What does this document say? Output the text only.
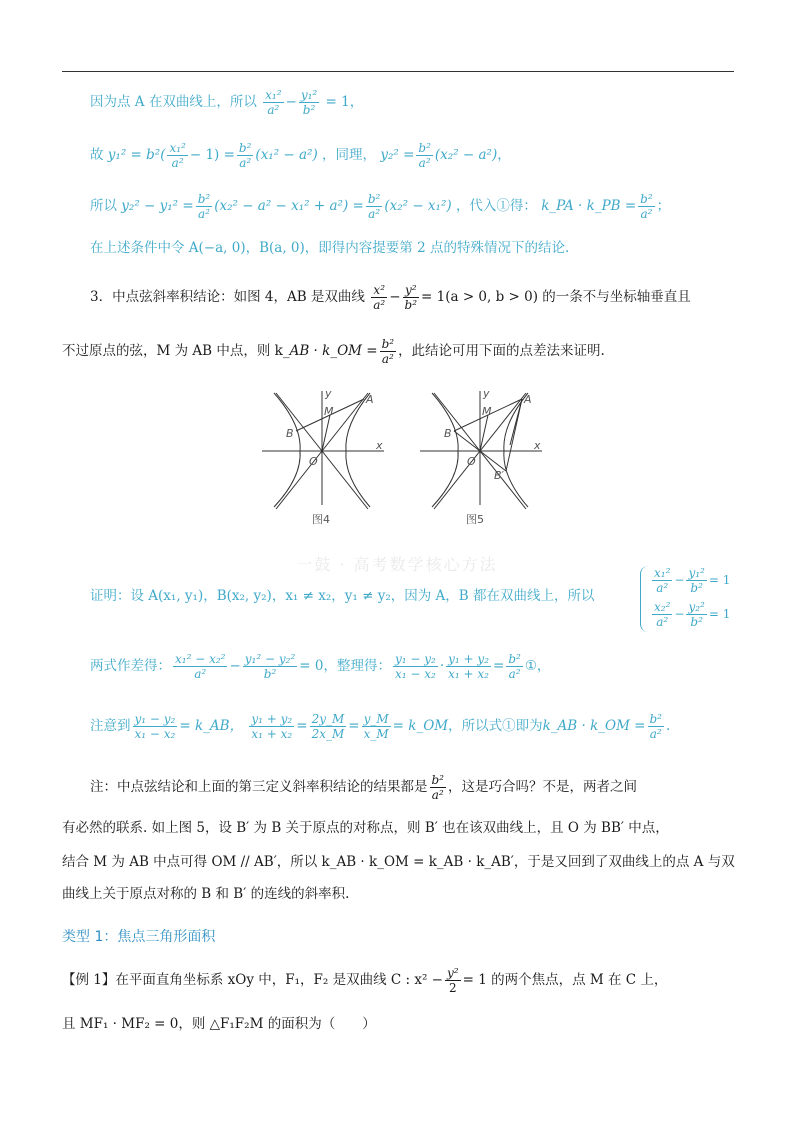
一鼓 · 高考数学核心方法
因为点 A 在双曲线上，所以 $\frac{\text{x₁²}}{\text{a²}} - \frac{\text{y₁²}}{\text{b²}} = 1$，
故 $y_1^2 = b^2( \frac{\text{x₁²}}{\text{a²}} - 1) = \frac{\text{b²}}{\text{a²}} (x_1^2 - a^2)$ ，同理， $y_2^2 = \frac{\text{b²}}{\text{a²}} (x_2^2 - a^2)$，
所以 $y_2^2 - y_1^2 = \frac{\text{b²}}{\text{a²}} (x_2^2 - a^2 - x_1^2 + a^2) = \frac{\text{b²}}{\text{a²}} (x_2^2 - x_1^2)$ ，代入①得： k_PA · k_PB = $\frac{\text{b²}}{\text{a²}}$ ；
在上述条件中令 A(−a, 0)，B(a, 0)，即得内容提要第 2 点的特殊情况下的结论.
3．中点弦斜率积结论：如图 4，AB 是双曲线 $\frac{\text{x²}}{\text{a²}} - \frac{\text{y²}}{\text{b²}} = 1(a > 0$, b > 0) 的一条不与坐标轴垂直且
不过原点的弦，M 为 AB 中点，则 k_AB · k_OM = $\frac{\text{b²}}{\text{a²}}$ ，此结论可用下面的点差法来证明.
y
x
O
A
B
M
图4
y
x
O
A
B
M
B′
图5
证明：设 A(x₁, y₁)，B(x₂, y₂)，x₁ ≠ x₂，y₁ ≠ y₂，因为 A，B 都在双曲线上，所以
$\frac{\text{x₁²}}{\text{a²}} - \frac{\text{y₁²}}{\text{b²}} = 1$
$\frac{\text{x₂²}}{\text{a²}} - \frac{\text{y₂²}}{\text{b²}} = 1$
两式作差得： $\frac{\text{x₁² − x₂²}}{\text{a²}} - \frac{\text{y₁² − y₂²}}{\text{b²}} = 0$，整理得： $\frac{\text{y₁ − y₂}}{\text{x₁ − x₂}} \cdot \frac{\text{y₁ + y₂}}{\text{x₁ + x₂}} = \frac{\text{b²}}{\text{a²}}$ ①，
注意到 $\frac{\text{y₁ − y₂}}{\text{x₁ − x₂}}$ = k_AB， $\frac{\text{y₁ + y₂}}{\text{x₁ + x₂}} = \frac{2y\_M}{2x\_M} = \frac{y\_M}{x\_M}$ = k_OM，所以式①即为k_AB · k_OM = $\frac{\text{b²}}{\text{a²}}$ .
注：中点弦结论和上面的第三定义斜率积结论的结果都是 $\frac{\text{b²}}{\text{a²}}$ ，这是巧合吗？不是，两者之间
有必然的联系. 如上图 5，设 B′ 为 B 关于原点的对称点，则 B′ 也在该双曲线上，且 O 为 BB′ 中点，
结合 M 为 AB 中点可得 OM // AB′，所以 k_AB · k_OM = k_AB · k_AB′，于是又回到了双曲线上的点 A 与双
曲线上关于原点对称的 B 和 B′ 的连线的斜率积.
类型 1：焦点三角形面积
【例 1】在平面直角坐标系 xOy 中，F₁，F₂ 是双曲线 C : $x^2 - \frac{\text{y²}}{2} = 1$ 的两个焦点，点 M 在 C 上，
且 MF₁ · MF₂ = 0，则 △F₁F₂M 的面积为（　　）
